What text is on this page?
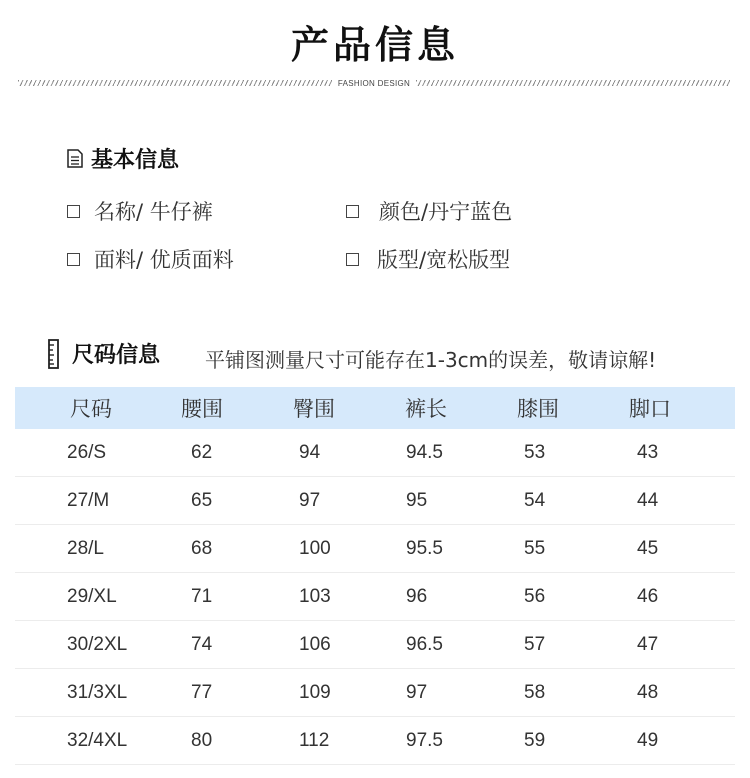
产品信息
FASHION DESIGN
基本信息
名称/ 牛仔裤	颜色/丹宁蓝色
面料/ 优质面料	版型/宽松版型
尺码信息 平铺图测量尺寸可能存在1-3cm的误差，敬请谅解!
尺码	腰围	臀围	裤长	膝围	脚口
26/S	62	94	94.5	53	43
27/M	65	97	95	54	44
28/L	68	100	95.5	55	45
29/XL	71	103	96	56	46
30/2XL	74	106	96.5	57	47
31/3XL	77	109	97	58	48
32/4XL	80	112	97.5	59	49
